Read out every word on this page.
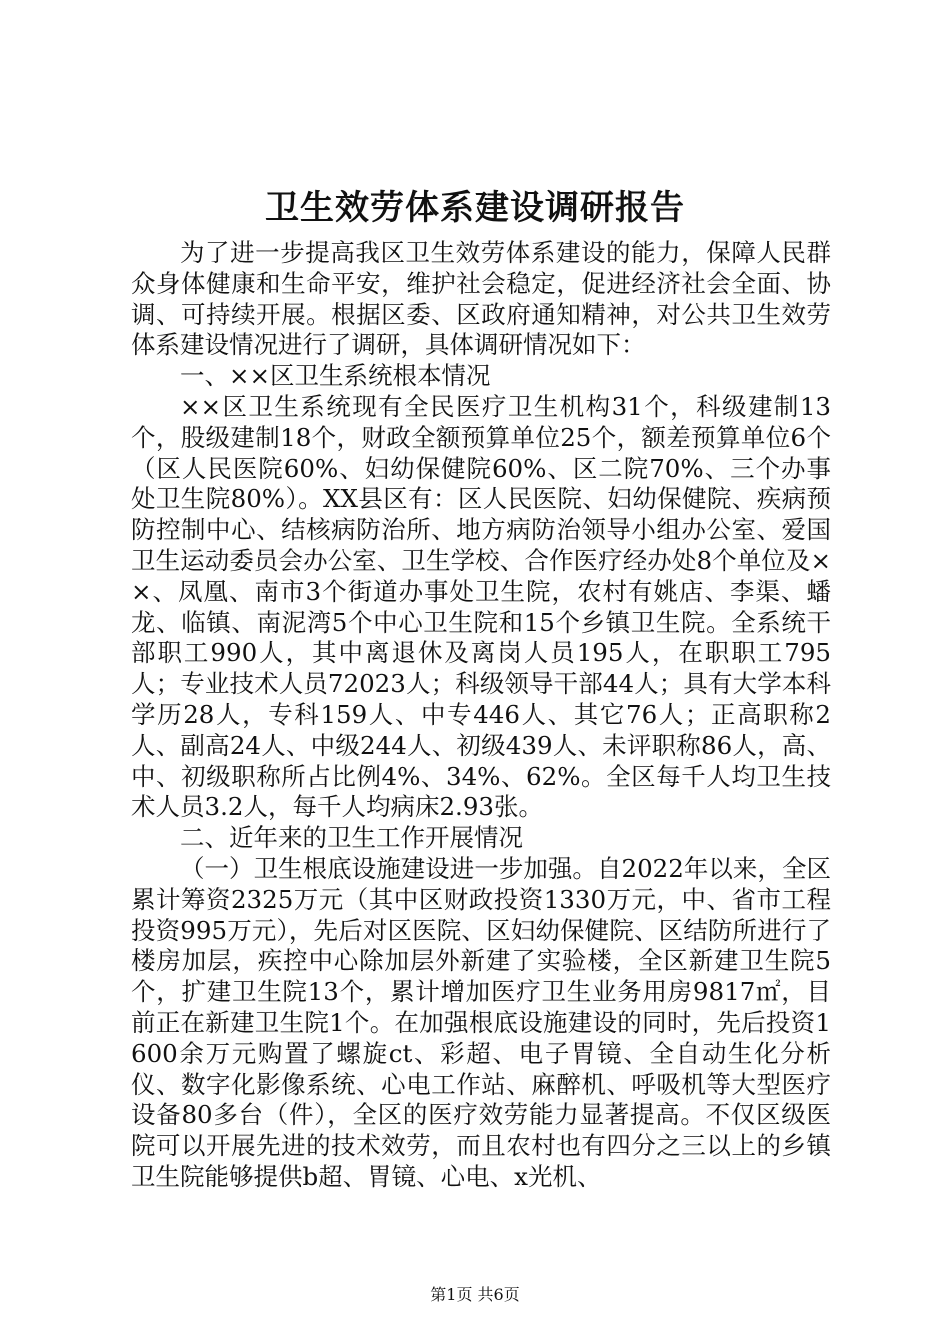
卫生效劳体系建设调研报告

为了进一步提高我区卫生效劳体系建设的能力，保障人民群众身体健康和生命平安，维护社会稳定，促进经济社会全面、协调、可持续开展。根据区委、区政府通知精神，对公共卫生效劳体系建设情况进行了调研，具体调研情况如下：

一、××区卫生系统根本情况

××区卫生系统现有全民医疗卫生机构31个，科级建制13个，股级建制18个，财政全额预算单位25个，额差预算单位6个（区人民医院60%、妇幼保健院60%、区二院70%、三个办事处卫生院80%）。XX县区有：区人民医院、妇幼保健院、疾病预防控制中心、结核病防治所、地方病防治领导小组办公室、爱国卫生运动委员会办公室、卫生学校、合作医疗经办处8个单位及××、凤凰、南市3个街道办事处卫生院，农村有姚店、李渠、蟠龙、临镇、南泥湾5个中心卫生院和15个乡镇卫生院。全系统干部职工990人，其中离退休及离岗人员195人，在职职工795人；专业技术人员72023人；科级领导干部44人；具有大学本科学历28人，专科159人、中专446人、其它76人；正高职称2人、副高24人、中级244人、初级439人、未评职称86人，高、中、初级职称所占比例4%、34%、62%。全区每千人均卫生技术人员3.2人，每千人均病床2.93张。

二、近年来的卫生工作开展情况

（一）卫生根底设施建设进一步加强。自2022年以来，全区累计筹资2325万元（其中区财政投资1330万元，中、省市工程投资995万元），先后对区医院、区妇幼保健院、区结防所进行了楼房加层，疾控中心除加层外新建了实验楼，全区新建卫生院5个，扩建卫生院13个，累计增加医疗卫生业务用房9817㎡，目前正在新建卫生院1个。在加强根底设施建设的同时，先后投资1600余万元购置了螺旋ct、彩超、电子胃镜、全自动生化分析仪、数字化影像系统、心电工作站、麻醉机、呼吸机等大型医疗设备80多台（件），全区的医疗效劳能力显著提高。不仅区级医院可以开展先进的技术效劳，而且农村也有四分之三以上的乡镇卫生院能够提供b超、胃镜、心电、x光机、

第1页 共6页
